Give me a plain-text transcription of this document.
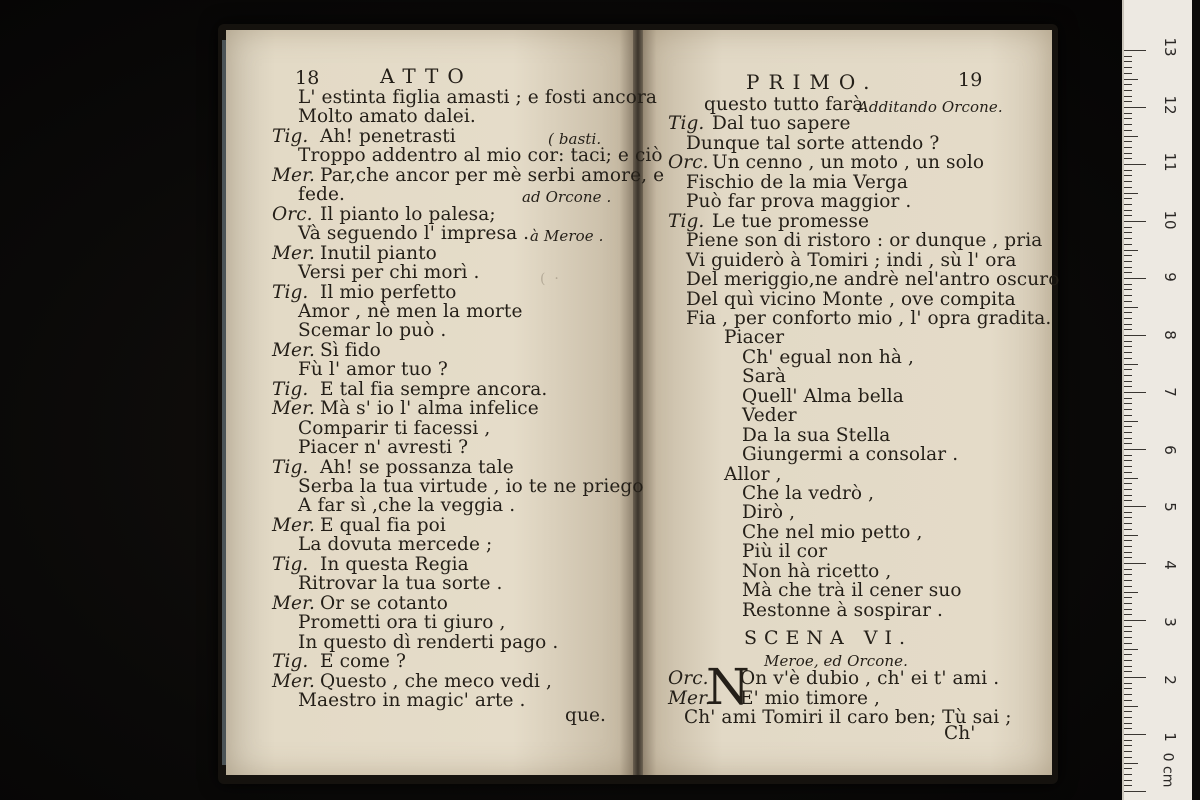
(  ·
18	ATTO
L' estinta figlia amasti ; e fosti ancora
Molto amato dalei.
Tig. Ah! penetrasti	( basti.
Troppo addentro al mio cor: taci; e ciò
Mer. Par,che ancor per mè serbi amore, e
fede.	ad Orcone .
Orc. Il pianto lo palesa;
Và seguendo l' impresa . à Meroe .
Mer. Inutil pianto
Versi per chi morì .
Tig. Il mio perfetto
Amor , nè men la morte
Scemar lo può .
Mer. Sì fido
Fù l' amor tuo ?
Tig. E tal fia sempre ancora.
Mer. Mà s' io l' alma infelice
Comparir ti facessi ,
Piacer n' avresti ?
Tig. Ah! se possanza tale
Serba la tua virtude , io te ne priego
A far sì ,che la veggia .
Mer. E qual fia poi
La dovuta mercede ;
Tig. In questa Regia
Ritrovar la tua sorte .
Mer. Or se cotanto
Prometti ora ti giuro ,
In questo dì renderti pago .
Tig. E come ?
Mer. Questo , che meco vedi ,
Maestro in magic' arte .
que.
PRIMO.	19
questo tutto farà
Additando Orcone.
Tig. Dal tuo sapere
Dunque tal sorte attendo ?
Orc. Un cenno , un moto , un solo
Fischio de la mia Verga
Può far prova maggior .
Tig. Le tue promesse
Piene son di ristoro : or dunque , pria
Vi guiderò à Tomiri ; indi , sù l' ora
Del meriggio,ne andrè nel'antro oscuro
Del quì vicino Monte , ove compita
Fia , per conforto mio , l' opra gradita.
Piacer
Ch' egual non hà ,
Sarà
Quell' Alma bella
Veder
Da la sua Stella
Giungermi a consolar .
Allor ,
Che la vedrò ,
Dirò ,
Che nel mio petto ,
Più il cor
Non hà ricetto ,
Mà che trà il cener suo
Restonne à sospirar .
SCENA VI.
Meroe, ed Orcone.
N
Orc. On v'è dubio , ch' ei t' ami .
Mer. E' mio timore ,
Ch' ami Tomiri il caro ben; Tù sai ;
Ch'
13
12
11
10
9
8
7
6
5
4
3
2
1
0 cm
